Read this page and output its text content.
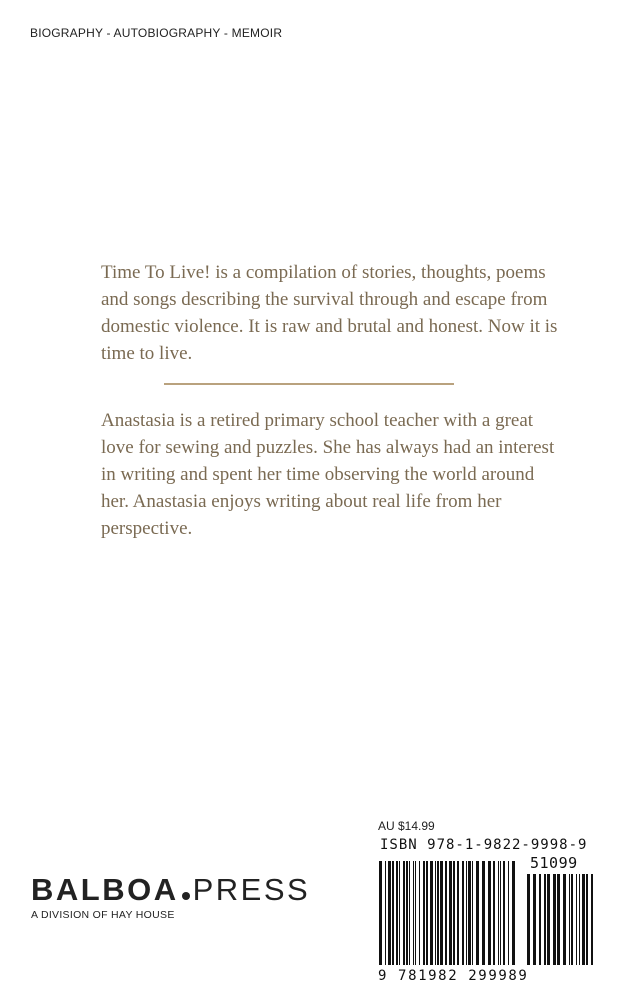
BIOGRAPHY - AUTOBIOGRAPHY - MEMOIR

Time To Live! is a compilation of stories, thoughts, poems and songs describing the survival through and escape from domestic violence. It is raw and brutal and honest. Now it is time to live.

Anastasia is a retired primary school teacher with a great love for sewing and puzzles. She has always had an interest in writing and spent her time observing the world around her. Anastasia enjoys writing about real life from her perspective.

BALBOA PRESS
A DIVISION OF HAY HOUSE
AU $14.99
ISBN 978-1-9822-9998-9
51099
9 781982 299989
